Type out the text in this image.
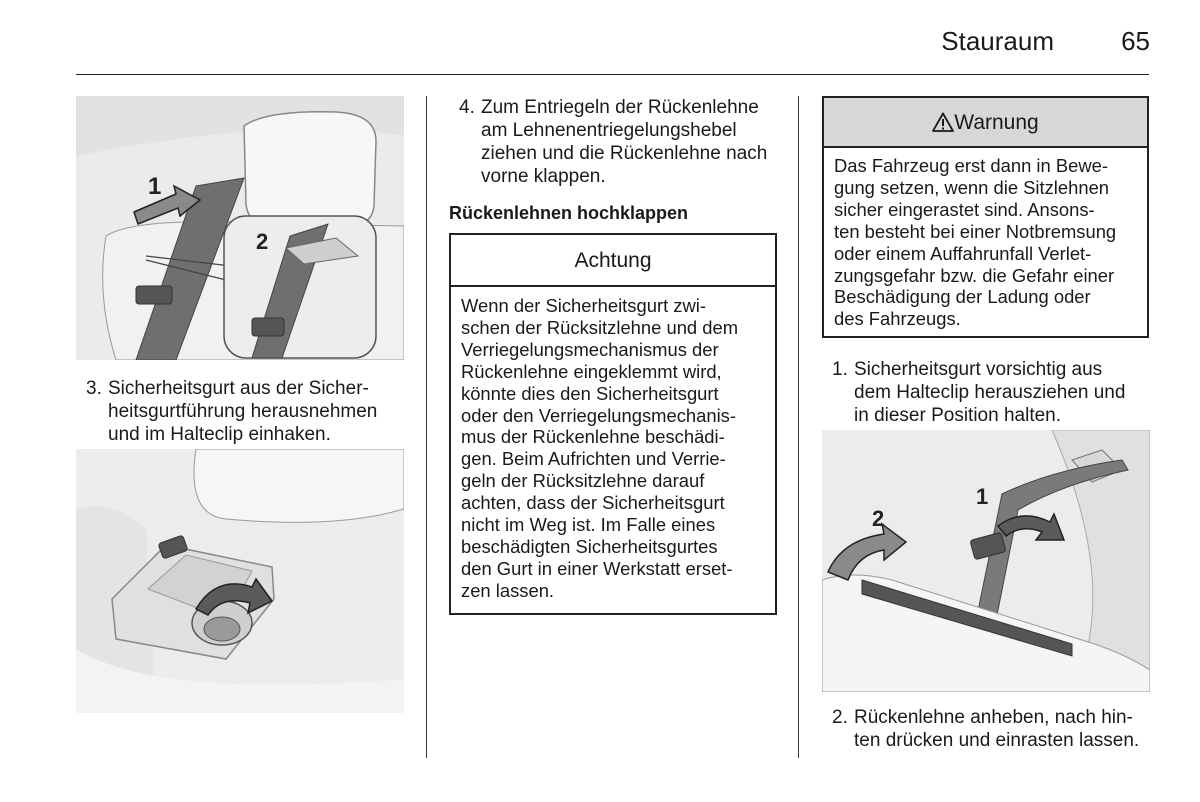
Stauraum	65
1
2
3. Sicherheitsgurt aus der Sicher-
heitsgurtführung herausnehmen
und im Halteclip einhaken.
4. Zum Entriegeln der Rückenlehne
am Lehnenentriegelungshebel
ziehen und die Rückenlehne nach
vorne klappen.
Rückenlehnen hochklappen
Achtung
Wenn der Sicherheitsgurt zwi-
schen der Rücksitzlehne und dem
Verriegelungsmechanismus der
Rückenlehne eingeklemmt wird,
könnte dies den Sicherheitsgurt
oder den Verriegelungsmechanis-
mus der Rückenlehne beschädi-
gen. Beim Aufrichten und Verrie-
geln der Rücksitzlehne darauf
achten, dass der Sicherheitsgurt
nicht im Weg ist. Im Falle eines
beschädigten Sicherheitsgurtes
den Gurt in einer Werkstatt erset-
zen lassen.
Warnung
Das Fahrzeug erst dann in Bewe-
gung setzen, wenn die Sitzlehnen
sicher eingerastet sind. Ansons-
ten besteht bei einer Notbremsung
oder einem Auffahrunfall Verlet-
zungsgefahr bzw. die Gefahr einer
Beschädigung der Ladung oder
des Fahrzeugs.
1. Sicherheitsgurt vorsichtig aus
dem Halteclip herausziehen und
in dieser Position halten.
1
2
2. Rückenlehne anheben, nach hin-
ten drücken und einrasten lassen.
